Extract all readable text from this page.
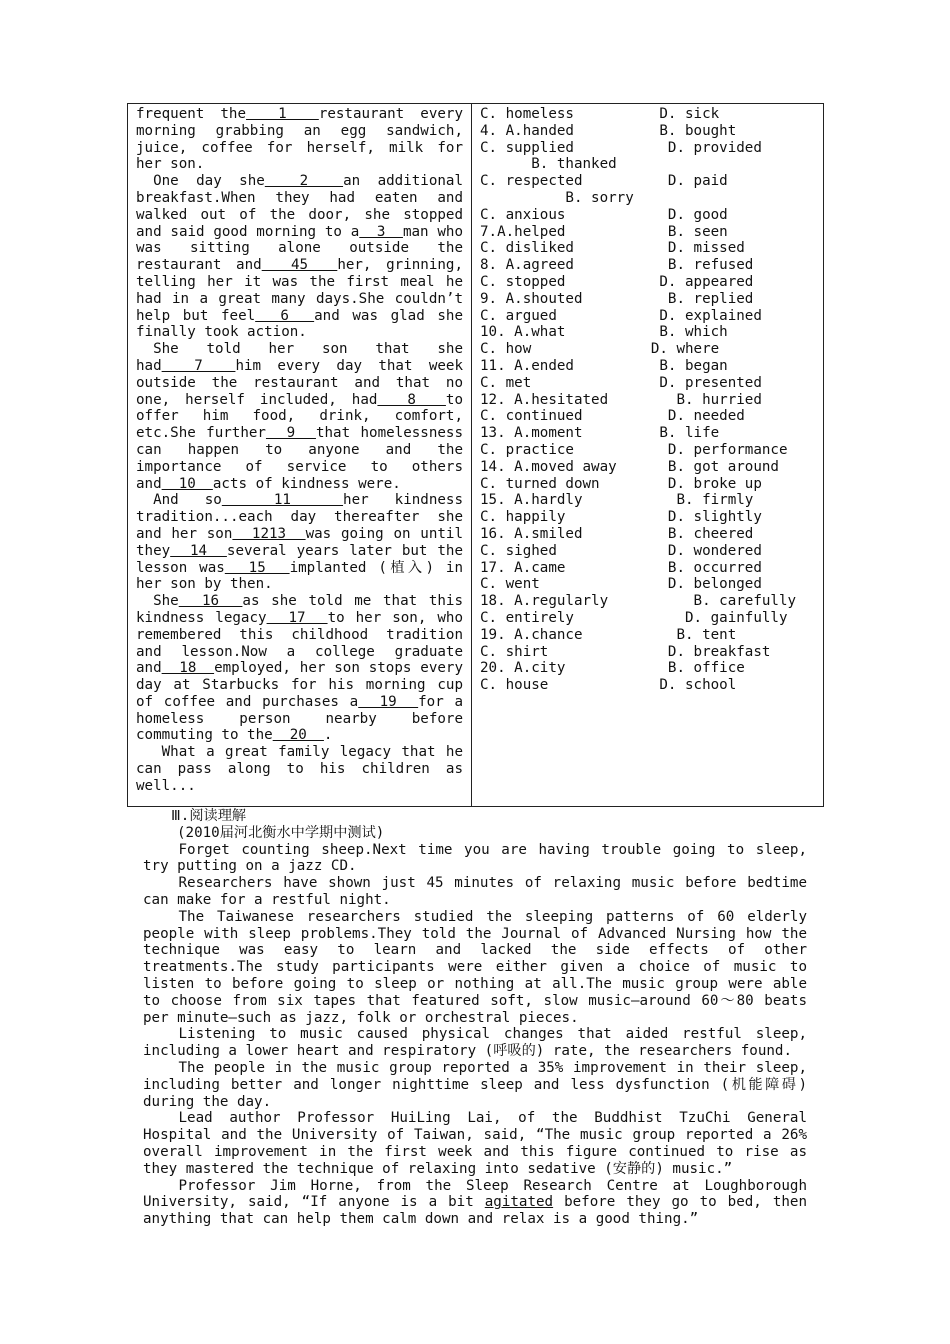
frequent the  1  restaurant every morning grabbing an egg sandwich, juice, coffee for herself, milk for her son.

One day she  2  an additional breakfast.When they had eaten and walked out of the door, she stopped and said good morning to a  3  man who was sitting alone outside the restaurant and  45  her, grinning, telling her it was the first meal he had in a great many days.She couldn’t help but feel  6  and was glad she finally took action.

She told her son that she had  7  him every day that week outside the restaurant and that no one, herself included, had  8  to offer him food, drink, comfort, etc.She further  9  that homelessness can happen to anyone and the importance of service to others and  10  acts of kindness were.

And so  11  her kindness tradition...each day thereafter she and her son  1213  was going on until they  14  several years later but the lesson was  15  implanted (植入) in her son by then.

She  16  as she told me that this kindness legacy  17  to her son, who remembered this childhood tradition and lesson.Now a college graduate and  18  employed, her son stops every day at Starbucks for his morning cup of coffee and purchases a  19  for a homeless person nearby before commuting to the  20  .

What a great family legacy that he can pass along to his children as well...

C. homeless          D. sick
4. A.handed          B. bought
C. supplied           D. provided
B. thanked
C. respected          D. paid
B. sorry
C. anxious            D. good
7.A.helped            B. seen
C. disliked           D. missed
8. A.agreed           B. refused
C. stopped           D. appeared
9. A.shouted          B. replied
C. argued            D. explained
10. A.what           B. which
C. how              D. where
11. A.ended          B. began
C. met               D. presented
12. A.hesitated        B. hurried
C. continued          D. needed
13. A.moment         B. life
C. practice           D. performance
14. A.moved away      B. got around
C. turned down        D. broke up
15. A.hardly           B. firmly
C. happily            D. slightly
16. A.smiled          B. cheered
C. sighed             D. wondered
17. A.came            B. occurred
C. went               D. belonged
18. A.regularly          B. carefully
C. entirely             D. gainfully
19. A.chance           B. tent
C. shirt              D. breakfast
20. A.city            B. office
C. house             D. school
Ⅲ.阅读理解
(2010届河北衡水中学期中测试)

Forget counting sheep.Next time you are having trouble going to sleep, try putting on a jazz CD.

Researchers have shown just 45 minutes of relaxing music before bedtime can make for a restful night.

The Taiwanese researchers studied the sleeping patterns of 60 elderly people with sleep problems.They told the Journal of Advanced Nursing how the technique was easy to learn and lacked the side effects of other treatments.The study participants were either given a choice of music to listen to before going to sleep or nothing at all.The music group were able to choose from six tapes that featured soft, slow music—around 60～80 beats per minute—such as jazz, folk or orchestral pieces.

Listening to music caused physical changes that aided restful sleep, including a lower heart and respiratory (呼吸的) rate, the researchers found.

The people in the music group reported a 35% improvement in their sleep, including better and longer nighttime sleep and less dysfunction (机能障碍) during the day.

Lead author Professor HuiLing Lai, of the Buddhist TzuChi General Hospital and the University of Taiwan, said, “The music group reported a 26% overall improvement in the first week and this figure continued to rise as they mastered the technique of relaxing into sedative (安静的) music.”

Professor Jim Horne, from the Sleep Research Centre at Loughborough University, said, “If anyone is a bit agitated before they go to bed, then anything that can help them calm down and relax is a good thing.”
